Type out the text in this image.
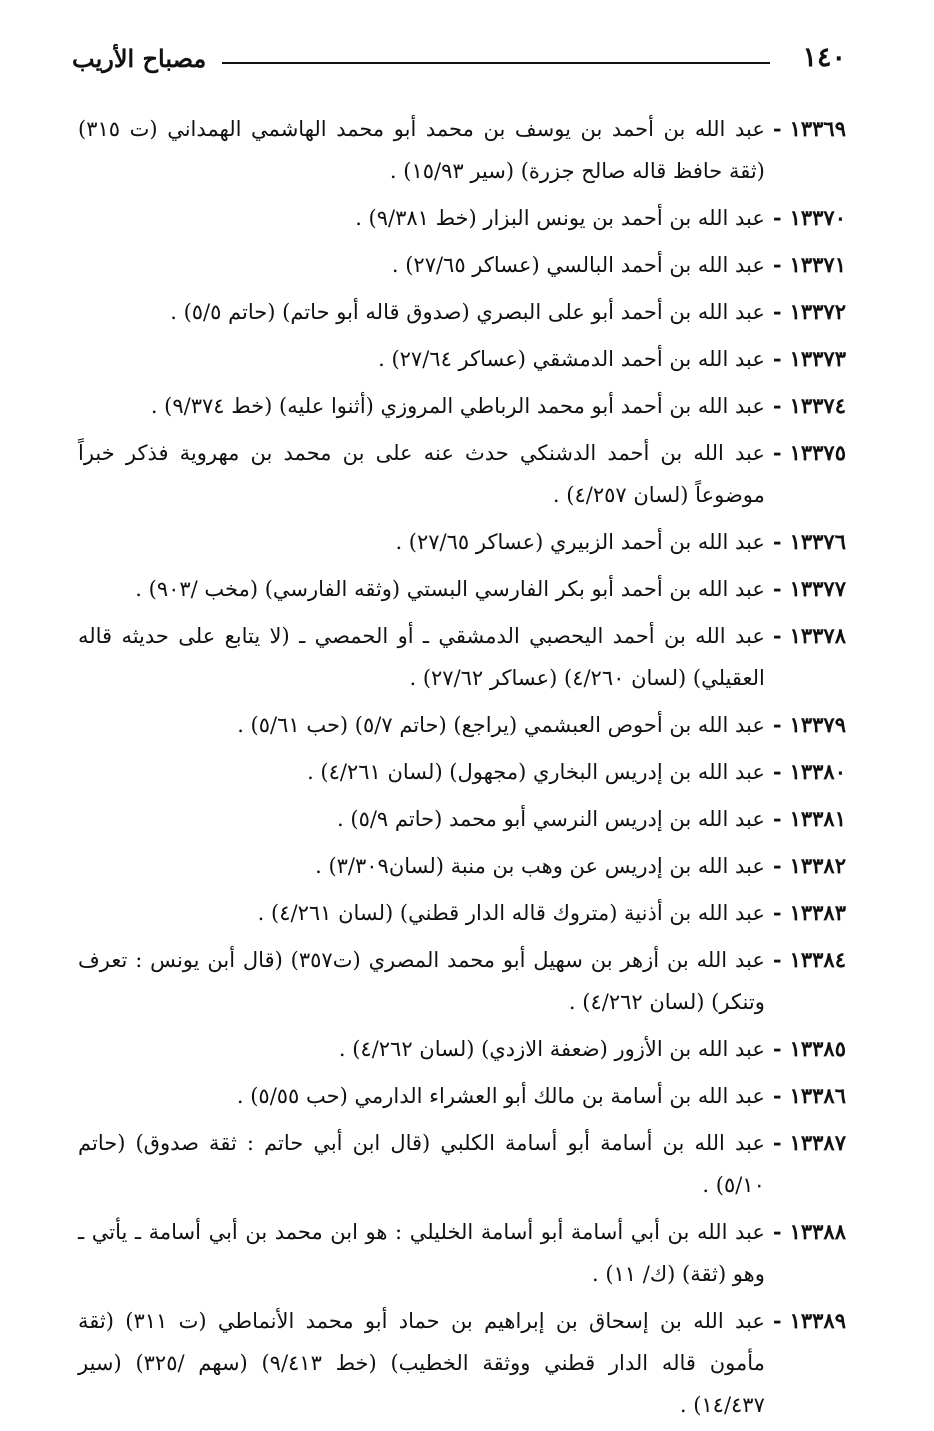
١٤٠
مصباح الأريب
١٣٣٦٩
-
عبد الله بن أحمد بن يوسف بن محمد أبو محمد الهاشمي الهمداني (ت ٣١٥) (ثقة حافظ قاله صالح جزرة) (سير ١٥/٩٣) .
١٣٣٧٠
-
عبد الله بن أحمد بن يونس البزار (خط ٩/٣٨١) .
١٣٣٧١
-
عبد الله بن أحمد البالسي (عساكر ٢٧/٦٥) .
١٣٣٧٢
-
عبد الله بن أحمد أبو على البصري (صدوق قاله أبو حاتم) (حاتم ٥/٥) .
١٣٣٧٣
-
عبد الله بن أحمد الدمشقي (عساكر ٢٧/٦٤) .
١٣٣٧٤
-
عبد الله بن أحمد أبو محمد الرباطي المروزي (أثنوا عليه) (خط ٩/٣٧٤) .
١٣٣٧٥
-
عبد الله بن أحمد الدشنكي حدث عنه على بن محمد بن مهروية فذكر خبراً موضوعاً (لسان ٤/٢٥٧) .
١٣٣٧٦
-
عبد الله بن أحمد الزبيري (عساكر ٢٧/٦٥) .
١٣٣٧٧
-
عبد الله بن أحمد أبو بكر الفارسي البستي (وثقه الفارسي) (مخب /٩٠٣) .
١٣٣٧٨
-
عبد الله بن أحمد اليحصبي الدمشقي ـ أو الحمصي ـ (لا يتابع على حديثه قاله العقيلي) (لسان ٤/٢٦٠) (عساكر ٢٧/٦٢) .
١٣٣٧٩
-
عبد الله بن أحوص العبشمي (يراجع) (حاتم ٥/٧) (حب ٥/٦١) .
١٣٣٨٠
-
عبد الله بن إدريس البخاري (مجهول) (لسان ٤/٢٦١) .
١٣٣٨١
-
عبد الله بن إدريس النرسي أبو محمد (حاتم ٥/٩) .
١٣٣٨٢
-
عبد الله بن إدريس عن وهب بن منبة (لسان٣/٣٠٩) .
١٣٣٨٣
-
عبد الله بن أذنية (متروك قاله الدار قطني) (لسان ٤/٢٦١) .
١٣٣٨٤
-
عبد الله بن أزهر بن سهيل أبو محمد المصري (ت٣٥٧) (قال أبن يونس : تعرف وتنكر) (لسان ٤/٢٦٢) .
١٣٣٨٥
-
عبد الله بن الأزور (ضعفة الازدي) (لسان ٤/٢٦٢) .
١٣٣٨٦
-
عبد الله بن أسامة بن مالك أبو العشراء الدارمي (حب ٥/٥٥) .
١٣٣٨٧
-
عبد الله بن أسامة أبو أسامة الكلبي (قال ابن أبي حاتم : ثقة صدوق) (حاتم ٥/١٠) .
١٣٣٨٨
-
عبد الله بن أبي أسامة أبو أسامة الخليلي : هو ابن محمد بن أبي أسامة ـ يأتي ـ وهو (ثقة) (ك/ ١١) .
١٣٣٨٩
-
عبد الله بن إسحاق بن إبراهيم بن حماد أبو محمد الأنماطي (ت ٣١١) (ثقة مأمون قاله الدار قطني ووثقة الخطيب) (خط ٩/٤١٣) (سهم /٣٢٥) (سير ١٤/٤٣٧) .
